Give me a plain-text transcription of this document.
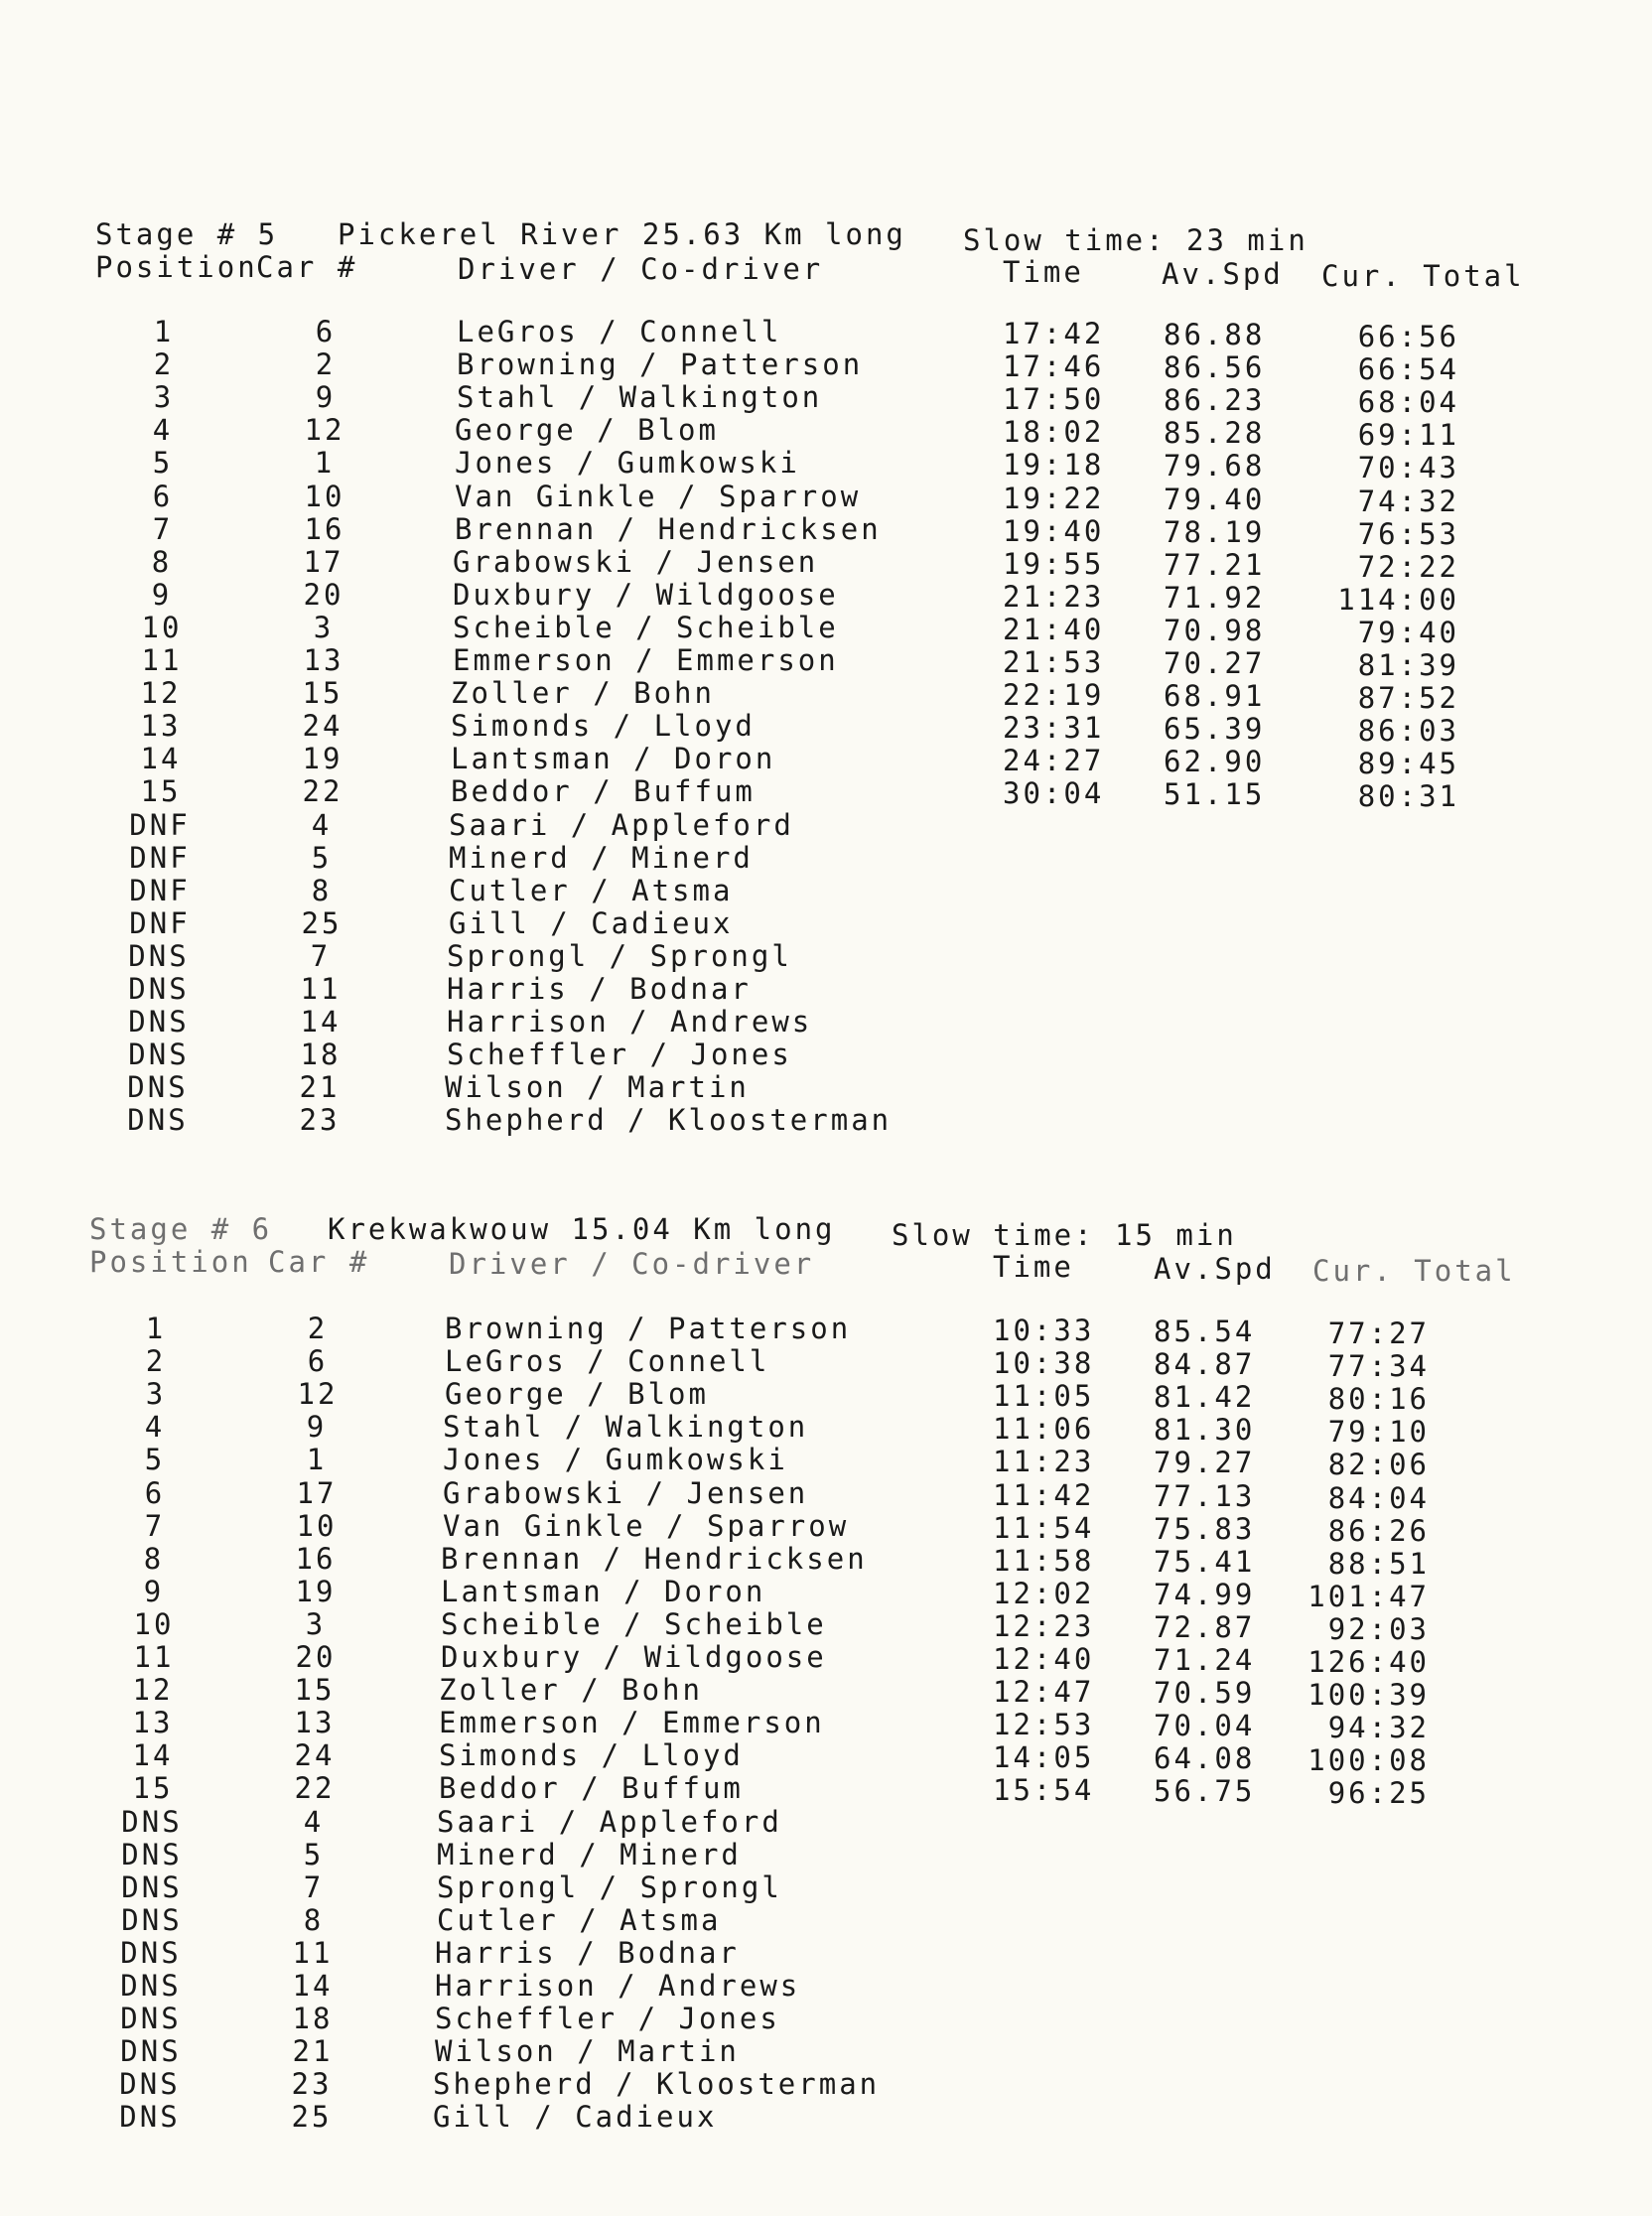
Stage # 5 Pickerel River 25.63 Km long Slow time: 23 min
Position
Car #	Driver / Co-driver	Time	Av.Spd Cur. Total
1	6	LeGros / Connell	17:42 86.88	66:56
2	2	Browning / Patterson	17:46 86.56	66:54
3	9	Stahl / Walkington	17:50 86.23	68:04
4	12	George / Blom	18:02 85.28	69:11
5	1	Jones / Gumkowski	19:18 79.68	70:43
6	10	Van Ginkle / Sparrow	19:22 79.40	74:32
7	16	Brennan / Hendricksen	19:40 78.19	76:53
8	17	Grabowski / Jensen	19:55 77.21	72:22
9	20	Duxbury / Wildgoose	21:23 71.92	114:00
10	3	Scheible / Scheible	21:40 70.98	79:40
11	13	Emmerson / Emmerson	21:53 70.27	81:39
12	15	Zoller / Bohn	22:19 68.91	87:52
13	24	Simonds / Lloyd	23:31 65.39	86:03
14	19	Lantsman / Doron	24:27 62.90	89:45
15	22	Beddor / Buffum	30:04 51.15	80:31
DNF	4	Saari / Appleford
DNF	5	Minerd / Minerd
DNF	8	Cutler / Atsma
DNF	25	Gill / Cadieux
DNS	7	Sprongl / Sprongl
DNS	11	Harris / Bodnar
DNS	14	Harrison / Andrews
DNS	18	Scheffler / Jones
DNS	21	Wilson / Martin
DNS	23	Shepherd / Kloosterman
Stage # 6 Krekwakwouw 15.04 Km long Slow time: 15 min
Position Car #	Driver / Co-driver	Time	Av.Spd Cur. Total
1	2	Browning / Patterson	10:33 85.54	77:27
2	6	LeGros / Connell	10:38 84.87	77:34
3	12	George / Blom	11:05 81.42	80:16
4	9	Stahl / Walkington	11:06 81.30	79:10
5	1	Jones / Gumkowski	11:23 79.27	82:06
6	17	Grabowski / Jensen	11:42 77.13	84:04
7	10	Van Ginkle / Sparrow	11:54 75.83	86:26
8	16	Brennan / Hendricksen	11:58 75.41	88:51
9	19	Lantsman / Doron	12:02 74.99	101:47
10	3	Scheible / Scheible	12:23 72.87	92:03
11	20	Duxbury / Wildgoose	12:40 71.24	126:40
12	15	Zoller / Bohn	12:47 70.59	100:39
13	13	Emmerson / Emmerson	12:53 70.04	94:32
14	24	Simonds / Lloyd	14:05 64.08	100:08
15	22	Beddor / Buffum	15:54 56.75	96:25
DNS	4	Saari / Appleford
DNS	5	Minerd / Minerd
DNS	7	Sprongl / Sprongl
DNS	8	Cutler / Atsma
DNS	11	Harris / Bodnar
DNS	14	Harrison / Andrews
DNS	18	Scheffler / Jones
DNS	21	Wilson / Martin
DNS	23	Shepherd / Kloosterman
DNS	25	Gill / Cadieux
